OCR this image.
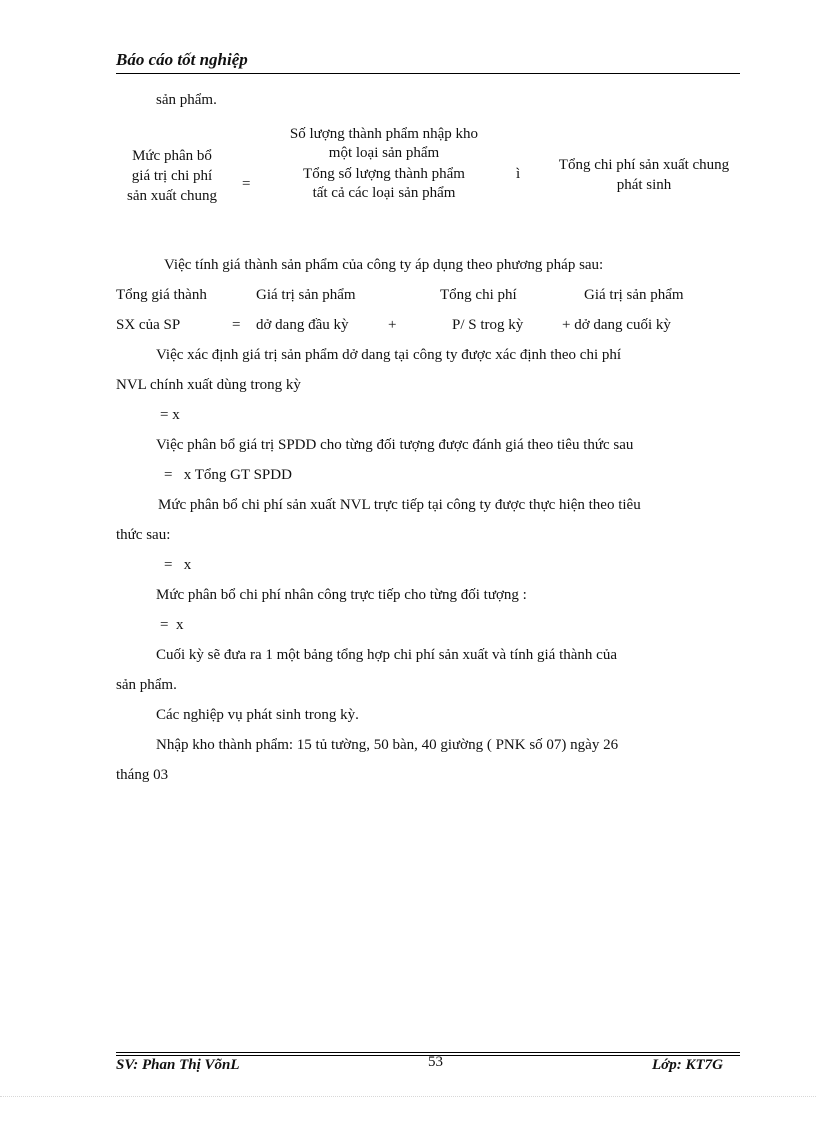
Báo cáo tốt nghiệp
sản phẩm.
Mức phân bổ
giá trị chi phí
sản xuất chung
=
Số lượng thành phẩm nhập kho
một loại sản phẩm
Tổng số lượng thành phẩm
tất cả các loại sản phẩm
ì
Tổng chi phí sản xuất chung
phát sinh
Việc tính giá thành sản phẩm của công ty áp dụng theo phương pháp sau:
Tổng giá thành	Giá trị sản phẩm	Tổng chi phí	Giá trị sản phẩm
SX của SP	= dở dang đầu kỳ	+	P/ S trog kỳ	+ dở dang cuối kỳ
Việc xác định giá trị sản phẩm dở dang tại công ty được xác định theo chi phí
NVL chính xuất dùng trong kỳ
= x
Việc phân bổ giá trị SPDD cho từng đối tượng được đánh giá theo tiêu thức sau
=   x Tổng GT SPDD
Mức phân bổ chi phí sản xuất NVL trực tiếp tại công ty được thực hiện theo tiêu
thức sau:
=   x
Mức phân bổ chi phí nhân công trực tiếp cho từng đối tượng :
=  x
Cuối kỳ sẽ đưa ra 1 một bảng tổng hợp chi phí sản xuất và tính giá thành của
sản phẩm.
Các nghiệp vụ phát sinh trong kỳ.
Nhập kho thành phẩm: 15 tủ tường, 50 bàn, 40 giường ( PNK số 07) ngày 26
tháng 03
SV: Phan Thị VõnL	53	Lớp: KT7G
